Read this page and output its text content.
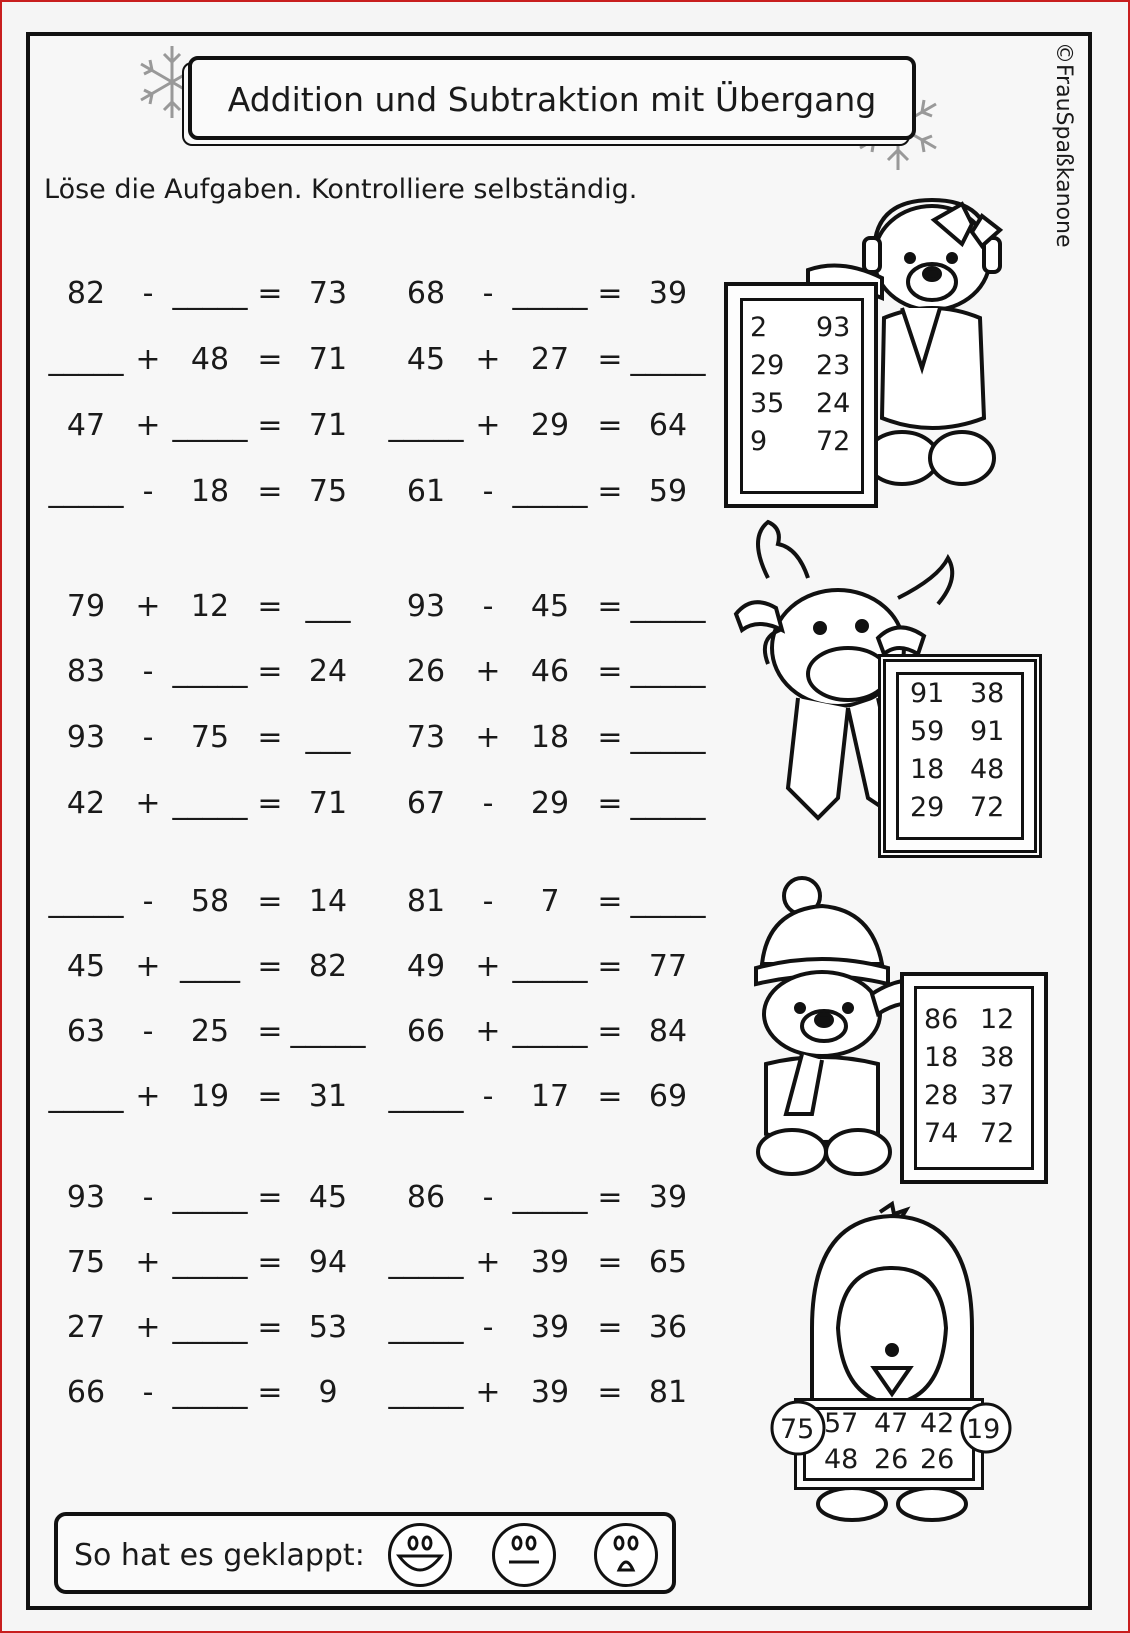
Addition und Subtraktion mit Übergang	©FrauSpaßkanone
Löse die Aufgaben. Kontrolliere selbständig.
82 - _____ = 73
_____ + 48 = 71
47 + _____ = 71
_____ - 18 = 75
68 - _____ = 39
45 + 27 = _____
_____ + 29 = 64
61 - _____ = 59
79 + 12 = ___
83 - _____ = 24
93 - 75 = ___
42 + _____ = 71
93 - 45 = _____
26 + 46 = _____
73 + 18 = _____
67 - 29 = _____
_____ - 58 = 14
45 + ____ = 82
63 - 25 = _____
_____ + 19 = 31
81 - 7 = _____
49 + _____ = 77
66 + _____ = 84
_____ - 17 = 69
93 - _____ = 45
75 + _____ = 94
27 + _____ = 53
66 - _____ = 9
86 - _____ = 39
_____ + 39 = 65
_____ - 39 = 36
_____ + 39 = 81
2 93
29 23
35 24
9 72
91 38
59 91
18 48
29 72
86 12
18 38
28 37
74 72
75 57 47 42 19
48 26 26
So hat es geklappt:
